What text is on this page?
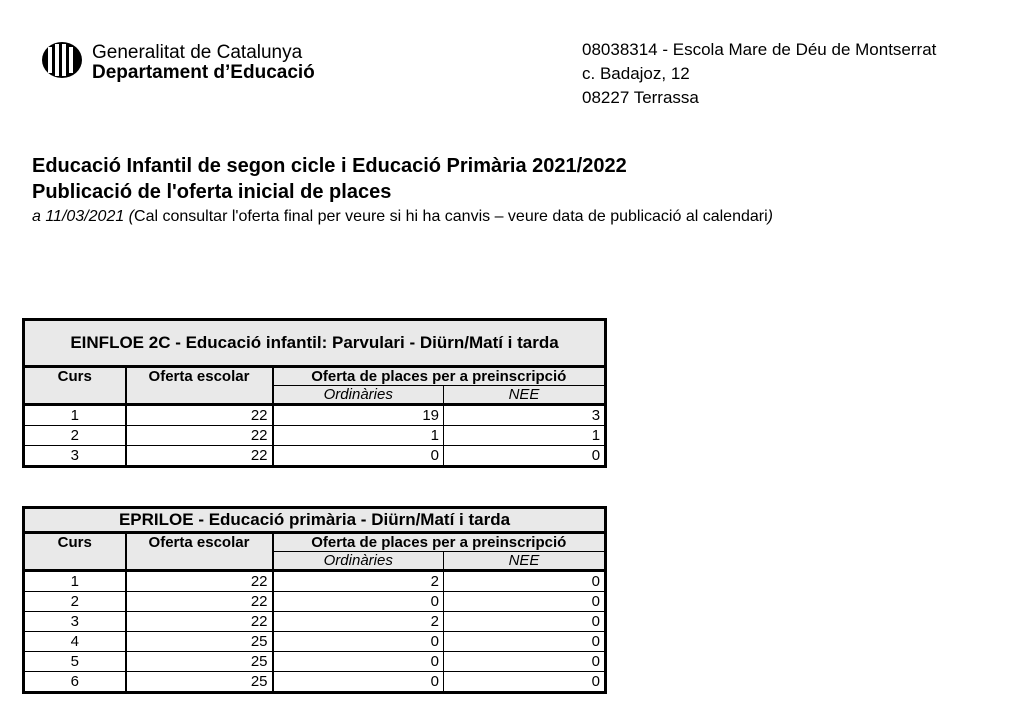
Generalitat de Catalunya
Departament d’Educació
08038314 - Escola Mare de Déu de Montserrat
c. Badajoz, 12
08227 Terrassa
Educació Infantil de segon cicle i Educació Primària 2021/2022
Publicació de l'oferta inicial de places
a 11/03/2021 (Cal consultar l'oferta final per veure si hi ha canvis – veure data de publicació al calendari)
EINFLOE 2C - Educació infantil: Parvulari - Diürn/Matí i tarda			
Curs	Oferta escolar	Oferta de places per a preinscripció	
		Ordinàries	NEE
1	22	19	3
2	22	1	1
3	22	0	0
EPRILOE - Educació primària - Diürn/Matí i tarda			
Curs	Oferta escolar	Oferta de places per a preinscripció	
		Ordinàries	NEE
1	22	2	0
2	22	0	0
3	22	2	0
4	25	0	0
5	25	0	0
6	25	0	0
